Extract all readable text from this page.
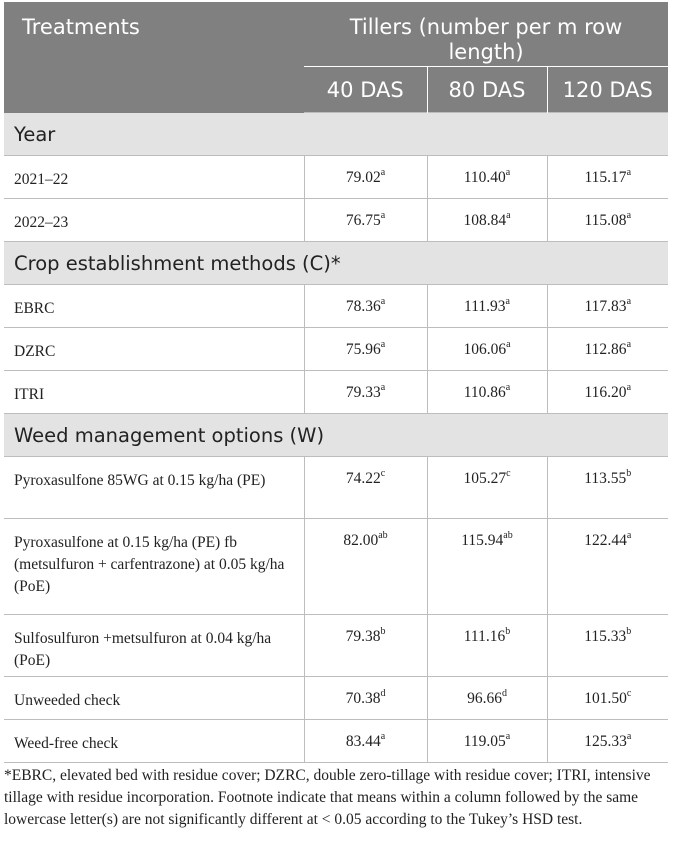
Treatments	Tillers (number per m row length)		
	40 DAS	80 DAS	120 DAS
Year			
2021–22	79.02$^a$	110.40$^a$	115.17$^a$
2022–23	76.75$^a$	108.84$^a$	115.08$^a$
Crop establishment methods (C)*			
EBRC	78.36$^a$	111.93$^a$	117.83$^a$
DZRC	75.96$^a$	106.06$^a$	112.86$^a$
ITRI	79.33$^a$	110.86$^a$	116.20$^a$
Weed management options (W)			
Pyroxasulfone 85WG at 0.15 kg/ha (PE)	74.22$^c$	105.27$^c$	113.55$^b$
Pyroxasulfone at 0.15 kg/ha (PE) fb (metsulfuron + carfentrazone) at 0.05 kg/ha (PoE)	82.00$^{ab}$	115.94$^{ab}$	122.44$^a$
Sulfosulfuron +metsulfuron at 0.04 kg/ha (PoE)	79.38$^b$	111.16$^b$	115.33$^b$
Unweeded check	70.38$^d$	96.66$^d$	101.50$^c$
Weed-free check	83.44$^a$	119.05$^a$	125.33$^a$
*EBRC, elevated bed with residue cover; DZRC, double zero-tillage with residue cover; ITRI, intensive tillage with residue incorporation. Footnote indicate that means within a column followed by the same lowercase letter(s) are not significantly different at < 0.05 according to the Tukey’s HSD test.
